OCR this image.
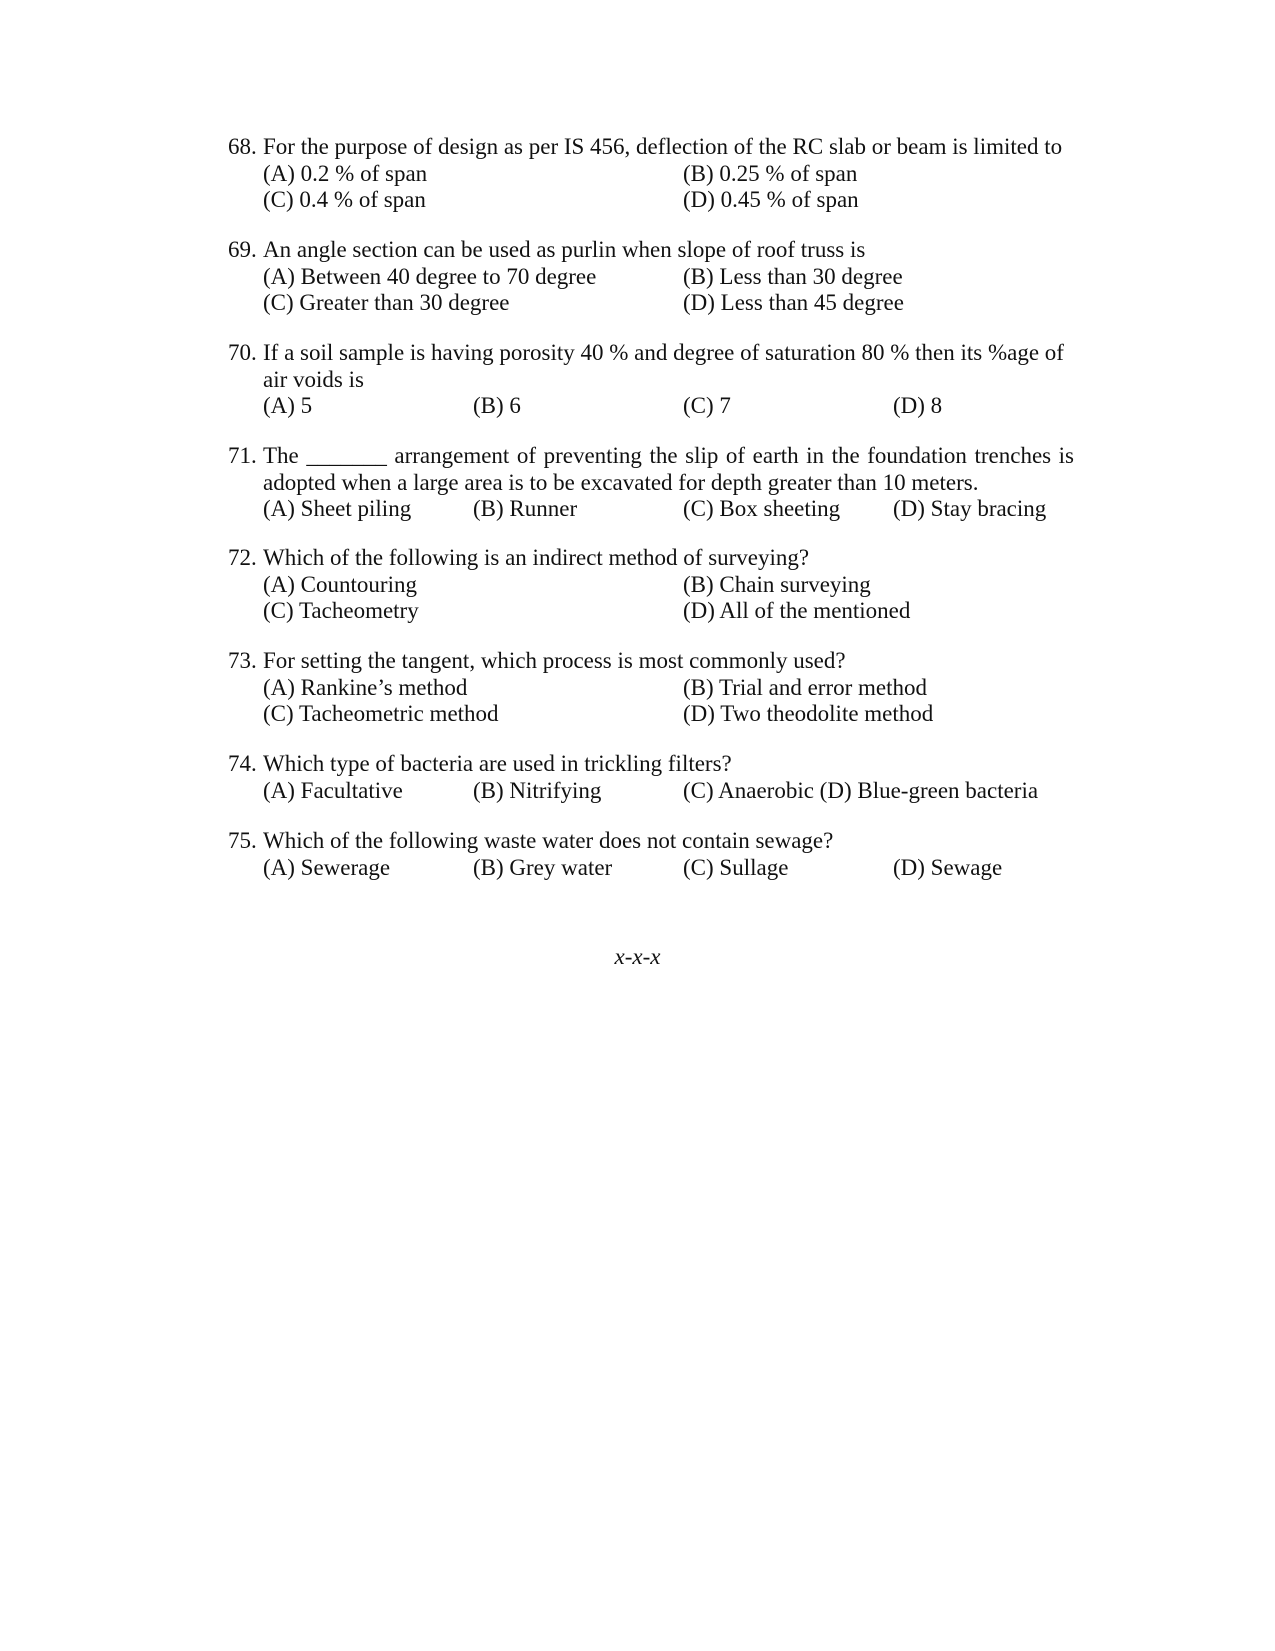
68. For the purpose of design as per IS 456, deflection of the RC slab or beam is limited to
(A) 0.2 % of span	(B) 0.25 % of span
(C) 0.4 % of span	(D) 0.45 % of span
69. An angle section can be used as purlin when slope of roof truss is
(A) Between 40 degree to 70 degree	(B) Less than 30 degree
(C) Greater than 30 degree	(D) Less than 45 degree
70. If a soil sample is having porosity 40 % and degree of saturation 80 % then its %age of
air voids is
(A) 5	(B) 6	(C) 7	(D) 8
71. The _______ arrangement of preventing the slip of earth in the foundation trenches is
adopted when a large area is to be excavated for depth greater than 10 meters.
(A) Sheet piling	(B) Runner	(C) Box sheeting (D) Stay bracing
72. Which of the following is an indirect method of surveying?
(A) Countouring	(B) Chain surveying
(C) Tacheometry	(D) All of the mentioned
73. For setting the tangent, which process is most commonly used?
(A) Rankine’s method	(B) Trial and error method
(C) Tacheometric method	(D) Two theodolite method
74. Which type of bacteria are used in trickling filters?
(A) Facultative	(B) Nitrifying	(C) Anaerobic (D) Blue-green bacteria
75. Which of the following waste water does not contain sewage?
(A) Sewerage	(B) Grey water	(C) Sullage	(D) Sewage
x-x-x
